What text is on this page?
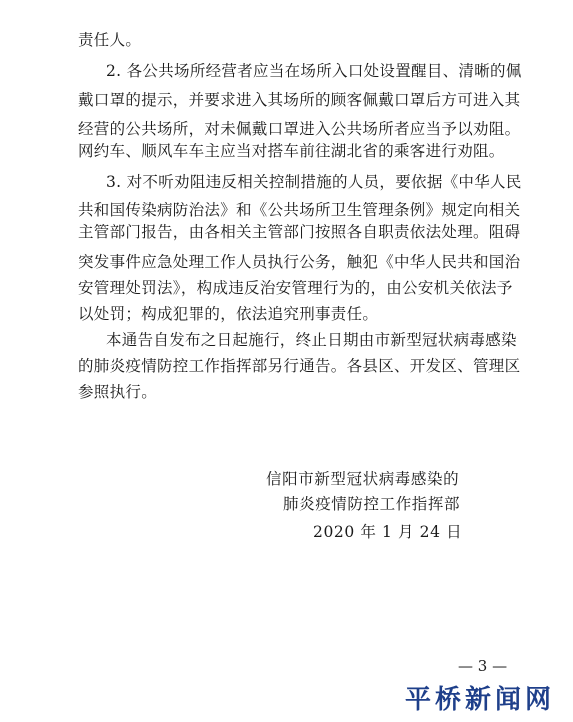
责任人。
2. 各公共场所经营者应当在场所入口处设置醒目、清晰的佩
戴口罩的提示，并要求进入其场所的顾客佩戴口罩后方可进入其
经营的公共场所，对未佩戴口罩进入公共场所者应当予以劝阻。
网约车、顺风车车主应当对搭车前往湖北省的乘客进行劝阻。
3. 对不听劝阻违反相关控制措施的人员，要依据《中华人民
共和国传染病防治法》和《公共场所卫生管理条例》规定向相关
主管部门报告，由各相关主管部门按照各自职责依法处理。阻碍
突发事件应急处理工作人员执行公务，触犯《中华人民共和国治
安管理处罚法》，构成违反治安管理行为的，由公安机关依法予
以处罚；构成犯罪的，依法追究刑事责任。
本通告自发布之日起施行，终止日期由市新型冠状病毒感染
的肺炎疫情防控工作指挥部另行通告。各县区、开发区、管理区
参照执行。
信阳市新型冠状病毒感染的
肺炎疫情防控工作指挥部
2020 年 1 月 24 日
— 3 —
平桥新闻网
